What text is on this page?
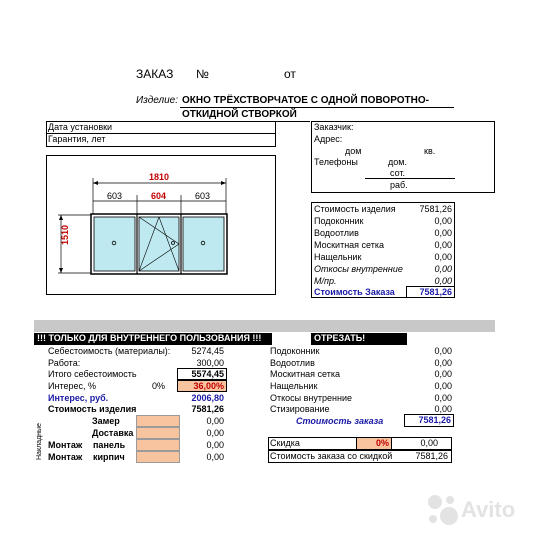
ЗАКАЗ №	от
Изделие: ОКНО ТРЁХСТВОРЧАТОЕ С ОДНОЙ ПОВОРОТНО-
ОТКИДНОЙ СТВОРКОЙ
Дата установки
Гарантия, лет
Заказчик:
Адрес:
дом	кв.
Телефоны	дом.
сот.
раб.
1810
603	604	603
1510
Стоимость изделия	7581,26
Подоконник	0,00
Водоотлив	0,00
Москитная сетка	0,00
Нащельник	0,00
Откосы внутренние	0,00
М/пр.	0,00
Стоимость Заказа	7581,26
!!! ТОЛЬКО ДЛЯ ВНУТРЕННЕГО ПОЛЬЗОВАНИЯ !!!	ОТРЕЗАТЬ!
Себестоимость (материалы):	5274,45
Работа:	300,00
Итого себестоимость	5574,45
Интерес, %	0%	36,00%
Интерес, руб.	2006,80
Стоимость изделия	7581,26
Накладные
Замер	0,00
Доставка	0,00
Монтаж панель	0,00
Монтаж кирпич	0,00
Подоконник	0,00
Водоотлив	0,00
Москитная сетка	0,00
Нащельник	0,00
Откосы внутренние	0,00
Стизирование	0,00
Стоимость заказа	7581,26
Скидка	0%	0,00
Стоимость заказа со скидкой	7581,26
Avito
